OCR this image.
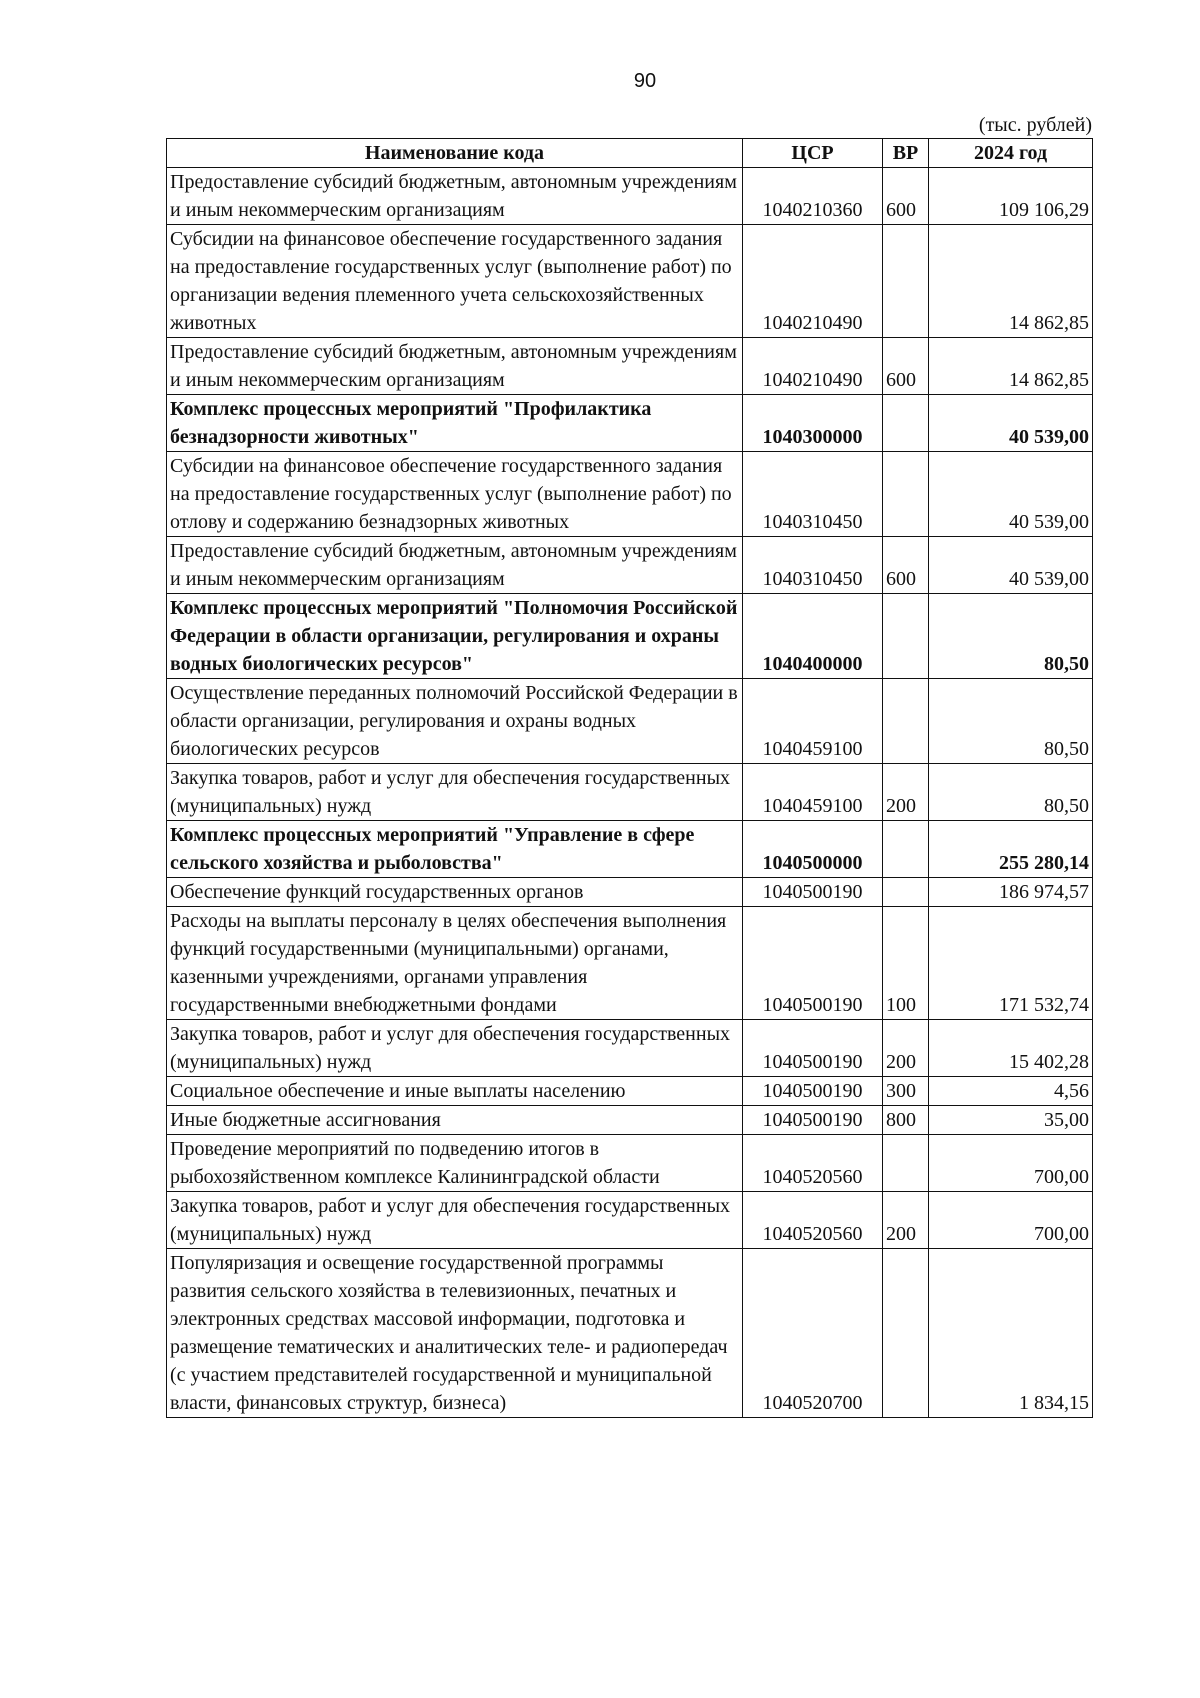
90
(тыс. рублей)
Наименование кода	ЦСР	ВР	2024 год
Предоставление субсидий бюджетным, автономным учреждениям и иным некоммерческим организациям	1040210360	600	109 106,29
Субсидии на финансовое обеспечение государственного задания на предоставление государственных услуг (выполнение работ) по организации ведения племенного учета сельскохозяйственных животных	1040210490		14 862,85
Предоставление субсидий бюджетным, автономным учреждениям и иным некоммерческим организациям	1040210490	600	14 862,85
Комплекс процессных мероприятий "Профилактика безнадзорности животных"	1040300000		40 539,00
Субсидии на финансовое обеспечение государственного задания на предоставление государственных услуг (выполнение работ) по отлову и содержанию безнадзорных животных	1040310450		40 539,00
Предоставление субсидий бюджетным, автономным учреждениям и иным некоммерческим организациям	1040310450	600	40 539,00
Комплекс процессных мероприятий "Полномочия Российской Федерации в области организации, регулирования и охраны водных биологических ресурсов"	1040400000		80,50
Осуществление переданных полномочий Российской Федерации в области организации, регулирования и охраны водных биологических ресурсов	1040459100		80,50
Закупка товаров, работ и услуг для обеспечения государственных (муниципальных) нужд	1040459100	200	80,50
Комплекс процессных мероприятий "Управление в сфере сельского хозяйства и рыболовства"	1040500000		255 280,14
Обеспечение функций государственных органов	1040500190		186 974,57
Расходы на выплаты персоналу в целях обеспечения выполнения функций государственными (муниципальными) органами, казенными учреждениями, органами управления государственными внебюджетными фондами	1040500190	100	171 532,74
Закупка товаров, работ и услуг для обеспечения государственных (муниципальных) нужд	1040500190	200	15 402,28
Социальное обеспечение и иные выплаты населению	1040500190	300	4,56
Иные бюджетные ассигнования	1040500190	800	35,00
Проведение мероприятий по подведению итогов в рыбохозяйственном комплексе Калининградской области	1040520560		700,00
Закупка товаров, работ и услуг для обеспечения государственных (муниципальных) нужд	1040520560	200	700,00
Популяризация и освещение государственной программы развития сельского хозяйства в телевизионных, печатных и электронных средствах массовой информации, подготовка и размещение тематических и аналитических теле- и радиопередач (с участием представителей государственной и муниципальной власти, финансовых структур, бизнеса)	1040520700		1 834,15
